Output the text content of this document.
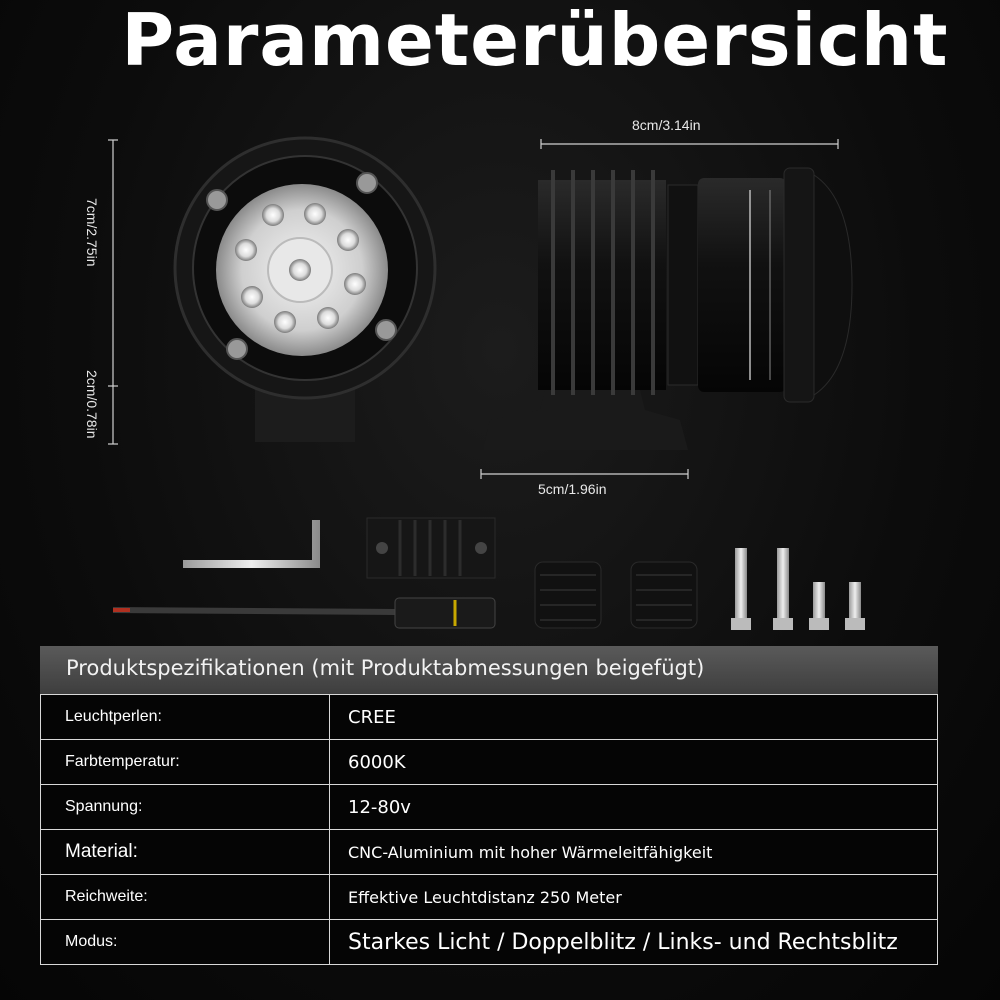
Parameterübersicht
8cm/3.14in
5cm/1.96in
7cm/2.75in
2cm/0.78in
Produktspezifikationen (mit Produktabmessungen beigefügt)
Leuchtperlen:	CREE
Farbtemperatur:	6000K
Spannung:	12-80v
Material:	CNC-Aluminium mit hoher Wärmeleitfähigkeit
Reichweite:	Effektive Leuchtdistanz 250 Meter
Modus:	Starkes Licht / Doppelblitz / Links- und Rechtsblitz
